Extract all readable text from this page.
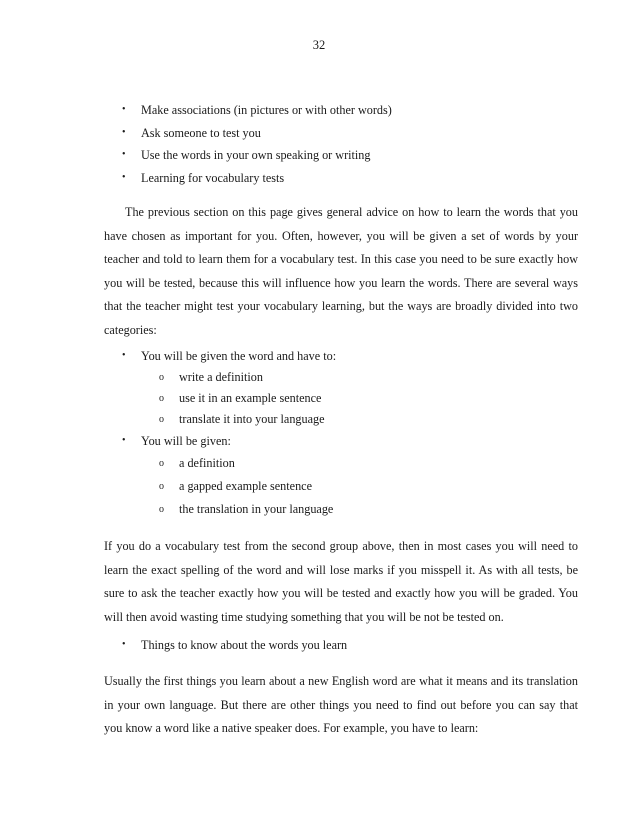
32
• Make associations (in pictures or with other words)
• Ask someone to test you
• Use the words in your own speaking or writing
• Learning for vocabulary tests

The previous section on this page gives general advice on how to learn the words that you have chosen as important for you. Often, however, you will be given a set of words by your teacher and told to learn them for a vocabulary test. In this case you need to be sure exactly how you will be tested, because this will influence how you learn the words. There are several ways that the teacher might test your vocabulary learning, but the ways are broadly divided into two categories:

• You will be given the word and have to:
o write a definition
o use it in an example sentence
o translate it into your language
• You will be given:
o a definition
o a gapped example sentence
o the translation in your language

If you do a vocabulary test from the second group above, then in most cases you will need to learn the exact spelling of the word and will lose marks if you misspell it. As with all tests, be sure to ask the teacher exactly how you will be tested and exactly how you will be graded. You will then avoid wasting time studying something that you will be not be tested on.

• Things to know about the words you learn

Usually the first things you learn about a new English word are what it means and its translation in your own language. But there are other things you need to find out before you can say that you know a word like a native speaker does. For example, you have to learn:
